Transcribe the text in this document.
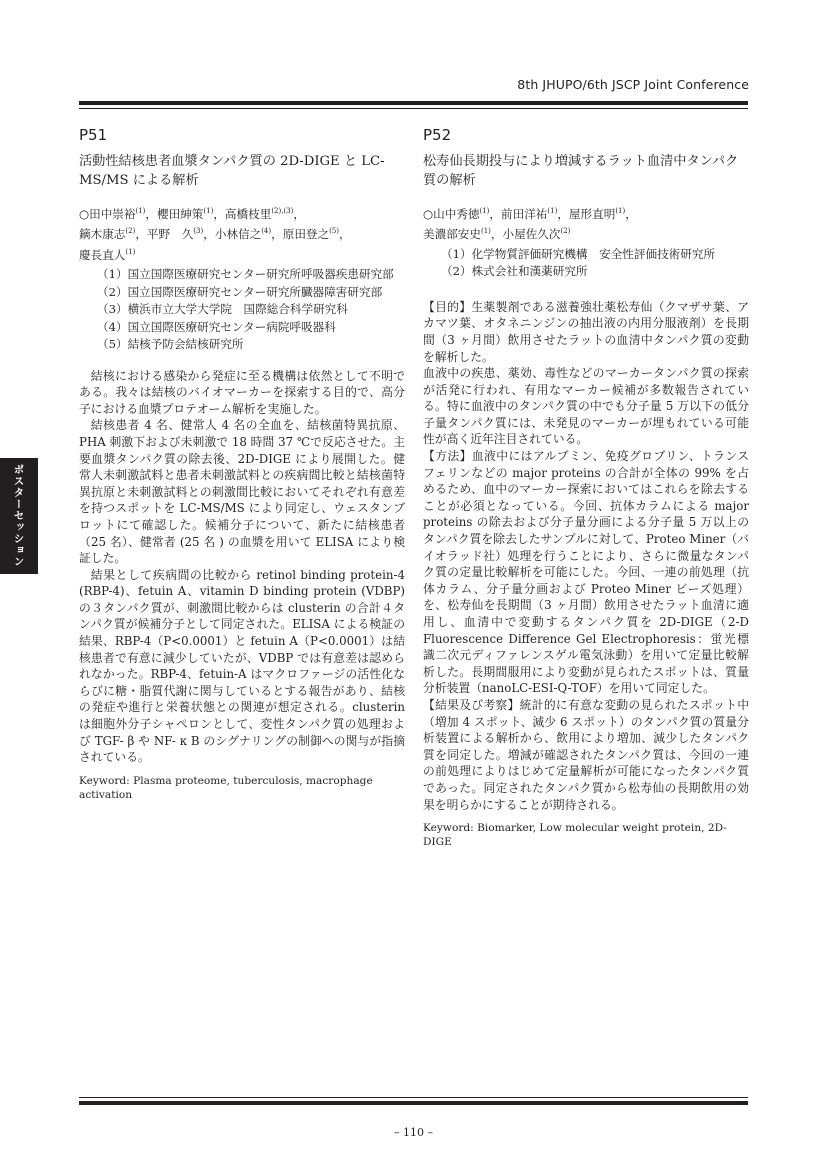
8th JHUPO/6th JSCP Joint Conference
ポスターセッション
P51
活動性結核患者血漿タンパク質の 2D-DIGE と LC-MS/MS による解析
○田中崇裕$^{(1)}$，櫻田紳策$^{(1)}$，高橋枝里$^{(2),(3)}$，
鏑木康志$^{(2)}$，平野　久$^{(3)}$，小林信之$^{(4)}$，原田登之$^{(5)}$，
慶長直人$^{(1)}$
（1）国立国際医療研究センター研究所呼吸器疾患研究部
（2）国立国際医療研究センター研究所臓器障害研究部
（3）横浜市立大学大学院　国際総合科学研究科
（4）国立国際医療研究センター病院呼吸器科
（5）結核予防会結核研究所

結核における感染から発症に至る機構は依然として不明である。我々は結核のバイオマーカーを探索する目的で、高分子における血漿プロテオーム解析を実施した。

結核患者 4 名、健常人 4 名の全血を、結核菌特異抗原、PHA 刺激下および未刺激で 18 時間 37 ℃で反応させた。主要血漿タンパク質の除去後、2D-DIGE により展開した。健常人未刺激試料と患者未刺激試料との疾病間比較と結核菌特異抗原と未刺激試料との刺激間比較においてそれぞれ有意差を持つスポットを LC-MS/MS により同定し、ウェスタンブロットにて確認した。候補分子について、新たに結核患者（25 名）、健常者 (25 名 ) の血漿を用いて ELISA により検証した。

結果として疾病間の比較から retinol binding protein-4 (RBP-4)、fetuin A、vitamin D binding protein (VDBP) の３タンパク質が、刺激間比較からは clusterin の合計４タンパク質が候補分子として同定された。ELISA による検証の結果、RBP-4（P<0.0001）と fetuin A（P<0.0001）は結核患者で有意に減少していたが、VDBP では有意差は認められなかった。RBP-4、fetuin-A はマクロファージの活性化ならびに糖・脂質代謝に関与しているとする報告があり、結核の発症や進行と栄養状態との関連が想定される。clusterin は細胞外分子シャペロンとして、変性タンパク質の処理および TGF- β や NF- κ B のシグナリングの制御への関与が指摘されている。

Keyword: Plasma proteome, tuberculosis, macrophage activation
P52
松寿仙長期投与により増減するラット血清中タンパク質の解析
○山中秀徳$^{(1)}$，前田洋祐$^{(1)}$，屋形直明$^{(1)}$，
美濃部安史$^{(1)}$，小屋佐久次$^{(2)}$
（1）化学物質評価研究機構　安全性評価技術研究所
（2）株式会社和漢薬研究所

【目的】生薬製剤である滋養強壮薬松寿仙（クマザサ葉、アカマツ葉、オタネニンジンの抽出液の内用分服液剤）を長期間（3 ヶ月間）飲用させたラットの血清中タンパク質の変動を解析した。

血液中の疾患、薬効、毒性などのマーカータンパク質の探索が活発に行われ、有用なマーカー候補が多数報告されている。特に血液中のタンパク質の中でも分子量 5 万以下の低分子量タンパク質には、未発見のマーカーが埋もれている可能性が高く近年注目されている。

【方法】血液中にはアルブミン、免疫グロブリン、トランスフェリンなどの major proteins の合計が全体の 99% を占めるため、血中のマーカー探索においてはこれらを除去することが必須となっている。今回、抗体カラムによる major proteins の除去および分子量分画による分子量 5 万以上のタンパク質を除去したサンプルに対して、Proteo Miner（バイオラッド社）処理を行うことにより、さらに微量なタンパク質の定量比較解析を可能にした。今回、一連の前処理（抗体カラム、分子量分画および Proteo Miner ビーズ処理）を、松寿仙を長期間（3 ヶ月間）飲用させたラット血清に適用し、血清中で変動するタンパク質を 2D-DIGE（2-D Fluorescence Difference Gel Electrophoresis：蛍光標識二次元ディファレンスゲル電気泳動）を用いて定量比較解析した。長期間服用により変動が見られたスポットは、質量分析装置（nanoLC-ESI-Q-TOF）を用いて同定した。

【結果及び考察】統計的に有意な変動の見られたスポット中（増加 4 スポット、減少 6 スポット）のタンパク質の質量分析装置による解析から、飲用により増加、減少したタンパク質を同定した。増減が確認されたタンパク質は、今回の一連の前処理によりはじめて定量解析が可能になったタンパク質であった。同定されたタンパク質から松寿仙の長期飲用の効果を明らかにすることが期待される。

Keyword: Biomarker, Low molecular weight protein, 2D-DIGE
– 110 –
